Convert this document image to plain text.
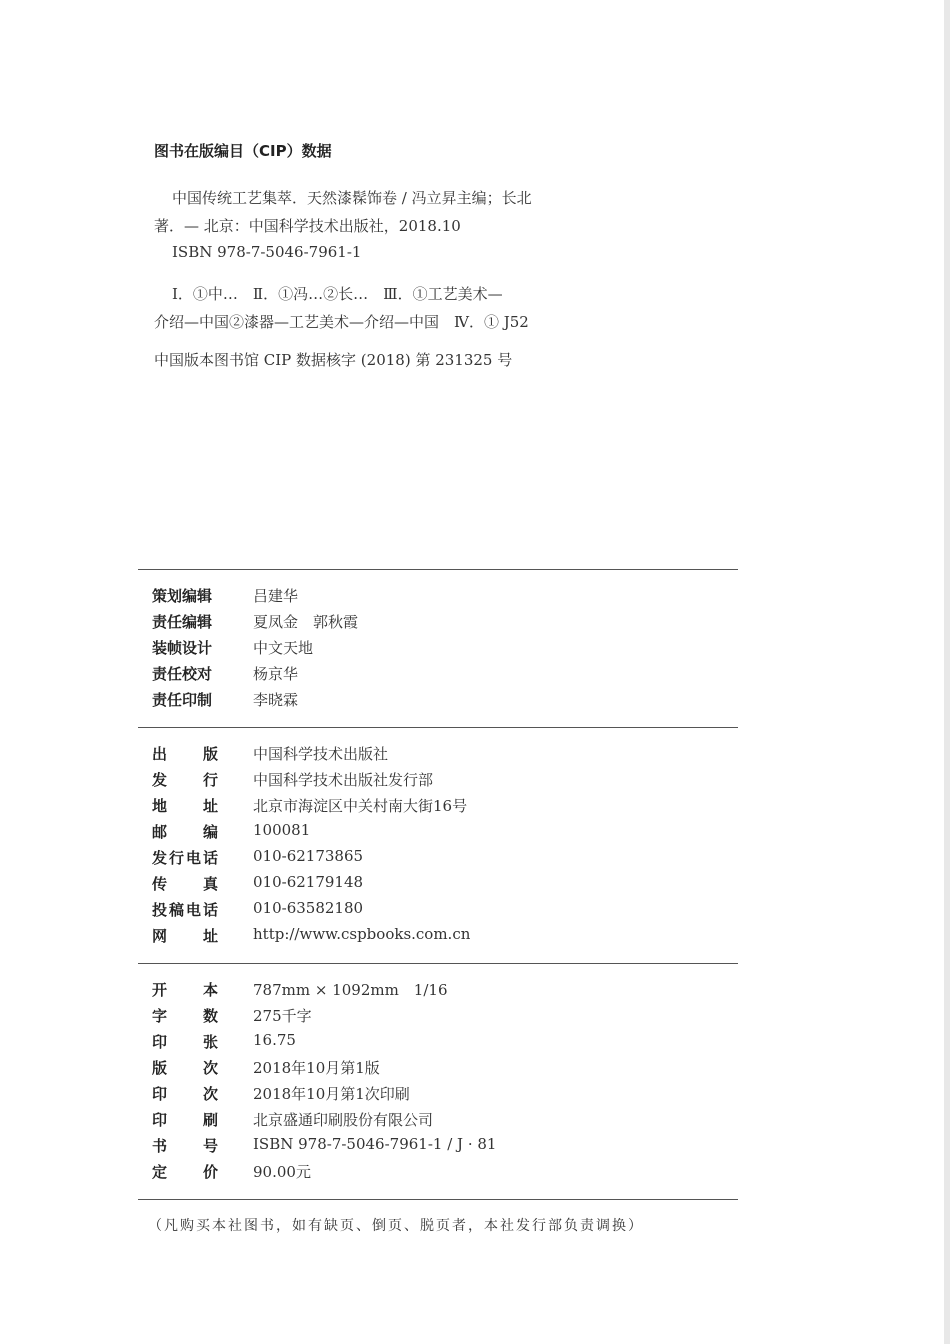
图书在版编目（CIP）数据
中国传统工艺集萃．天然漆髹饰卷 / 冯立昇主编；长北
著．— 北京：中国科学技术出版社，2018.10
ISBN 978-7-5046-7961-1
Ⅰ．①中…　Ⅱ．①冯…②长…　Ⅲ．①工艺美术—
介绍—中国②漆器—工艺美术—介绍—中国　Ⅳ．① J52
中国版本图书馆 CIP 数据核字 (2018) 第 231325 号
策划编辑	吕建华
责任编辑	夏凤金　郭秋霞
装帧设计	中文天地
责任校对	杨京华
责任印制	李晓霖
出 版 中国科学技术出版社
发 行 中国科学技术出版社发行部
地 址 北京市海淀区中关村南大街16号
邮 编 100081
发 行 电 话 010-62173865
传 真 010-62179148
投 稿 电 话 010-63582180
网 址 http://www.cspbooks.com.cn
开 本 787mm × 1092mm　1/16
字 数 275千字
印 张 16.75
版 次 2018年10月第1版
印 次 2018年10月第1次印刷
印 刷 北京盛通印刷股份有限公司
书 号 ISBN 978-7-5046-7961-1 / J · 81
定 价 90.00元
（凡购买本社图书，如有缺页、倒页、脱页者，本社发行部负责调换）
